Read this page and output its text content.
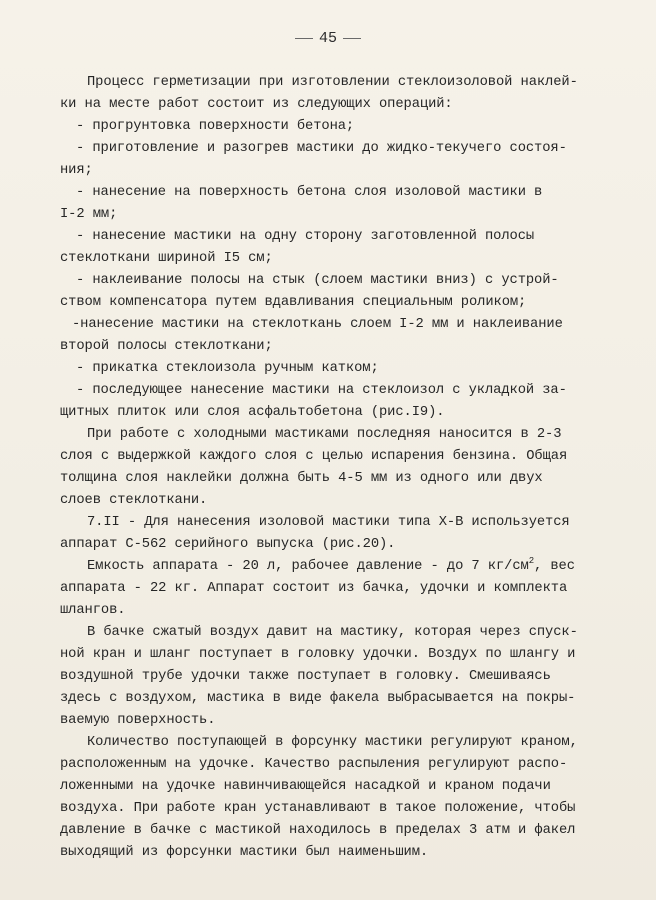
45
Процесс герметизации при изготовлении стеклоизоловой наклей-
ки на месте работ состоит из следующих операций:
- прогрунтовка поверхности бетона;
- приготовление и разогрев мастики до жидко-текучего состоя-
ния;
- нанесение на поверхность бетона слоя изоловой мастики в
I-2 мм;
- нанесение мастики на одну сторону заготовленной полосы
стеклоткани шириной I5 см;
- наклеивание полосы на стык (слоем мастики вниз) с устрой-
ством компенсатора путем вдавливания специальным роликом;
-нанесение мастики на стеклоткань слоем I-2 мм и наклеивание
второй полосы стеклоткани;
- прикатка стеклоизола ручным катком;
- последующее нанесение мастики на стеклоизол с укладкой за-
щитных плиток или слоя асфальтобетона (рис.I9).
При работе с холодными мастиками последняя наносится в 2-3
слоя с выдержкой каждого слоя с целью испарения бензина. Общая
толщина слоя наклейки должна быть 4-5 мм из одного или двух
слоев стеклоткани.
7.II - Для нанесения изоловой мастики типа Х-В используется
аппарат С-562 серийного выпуска (рис.20).
Емкость аппарата - 20 л, рабочее давление - до 7 $кг/см^2$, вес
аппарата - 22 кг. Аппарат состоит из бачка, удочки и комплекта
шлангов.
В бачке сжатый воздух давит на мастику, которая через спуск-
ной кран и шланг поступает в головку удочки. Воздух по шлангу и
воздушной трубе удочки также поступает в головку. Смешиваясь
здесь с воздухом, мастика в виде факела выбрасывается на покры-
ваемую поверхность.
Количество поступающей в форсунку мастики регулируют краном,
расположенным на удочке. Качество распыления регулируют распо-
ложенными на удочке навинчивающейся насадкой и краном подачи
воздуха. При работе кран устанавливают в такое положение, чтобы
давление в бачке с мастикой находилось в пределах 3 атм и факел
выходящий из форсунки мастики был наименьшим.
